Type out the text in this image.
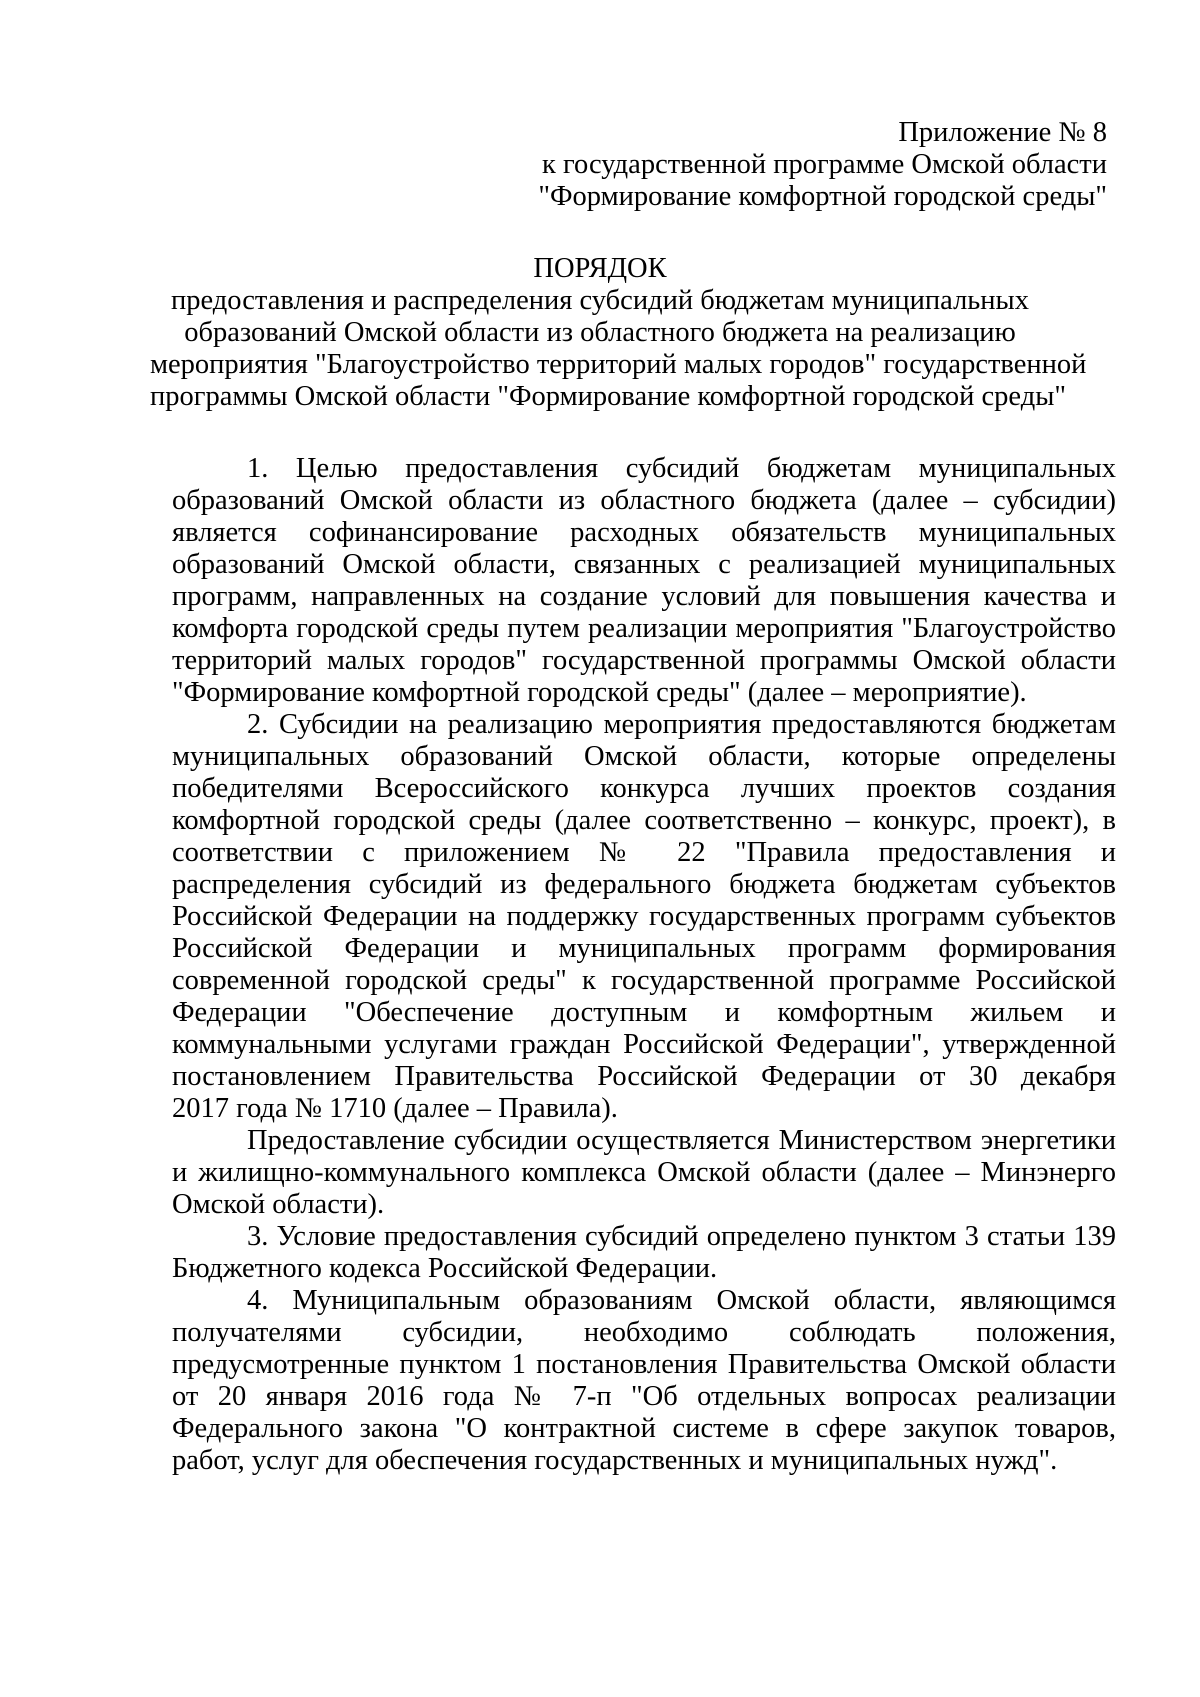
Приложение № 8
к государственной программе Омской области
"Формирование комфортной городской среды"
ПОРЯДОК
предоставления и распределения субсидий бюджетам муниципальных
образований Омской области из областного бюджета на реализацию
мероприятия "Благоустройство территорий малых городов" государственной
программы Омской области "Формирование комфортной городской среды"
1. Целью предоставления субсидий бюджетам муниципальных
образований Омской области из областного бюджета (далее – субсидии)
является софинансирование расходных обязательств муниципальных
образований Омской области, связанных с реализацией муниципальных
программ, направленных на создание условий для повышения качества и
комфорта городской среды путем реализации мероприятия "Благоустройство
территорий малых городов" государственной программы Омской области
"Формирование комфортной городской среды" (далее – мероприятие).
2. Субсидии на реализацию мероприятия предоставляются бюджетам
муниципальных образований Омской области, которые определены
победителями Всероссийского конкурса лучших проектов создания
комфортной городской среды (далее соответственно – конкурс, проект), в
соответствии с приложением № 22 "Правила предоставления и
распределения субсидий из федерального бюджета бюджетам субъектов
Российской Федерации на поддержку государственных программ субъектов
Российской Федерации и муниципальных программ формирования
современной городской среды" к государственной программе Российской
Федерации "Обеспечение доступным и комфортным жильем и
коммунальными услугами граждан Российской Федерации", утвержденной
постановлением Правительства Российской Федерации от 30 декабря
2017 года № 1710 (далее – Правила).
Предоставление субсидии осуществляется Министерством энергетики
и жилищно-коммунального комплекса Омской области (далее – Минэнерго
Омской области).
3. Условие предоставления субсидий определено пунктом 3 статьи 139
Бюджетного кодекса Российской Федерации.
4. Муниципальным образованиям Омской области, являющимся
получателями субсидии, необходимо соблюдать положения,
предусмотренные пунктом 1 постановления Правительства Омской области
от 20 января 2016 года № 7-п "Об отдельных вопросах реализации
Федерального закона "О контрактной системе в сфере закупок товаров,
работ, услуг для обеспечения государственных и муниципальных нужд".
